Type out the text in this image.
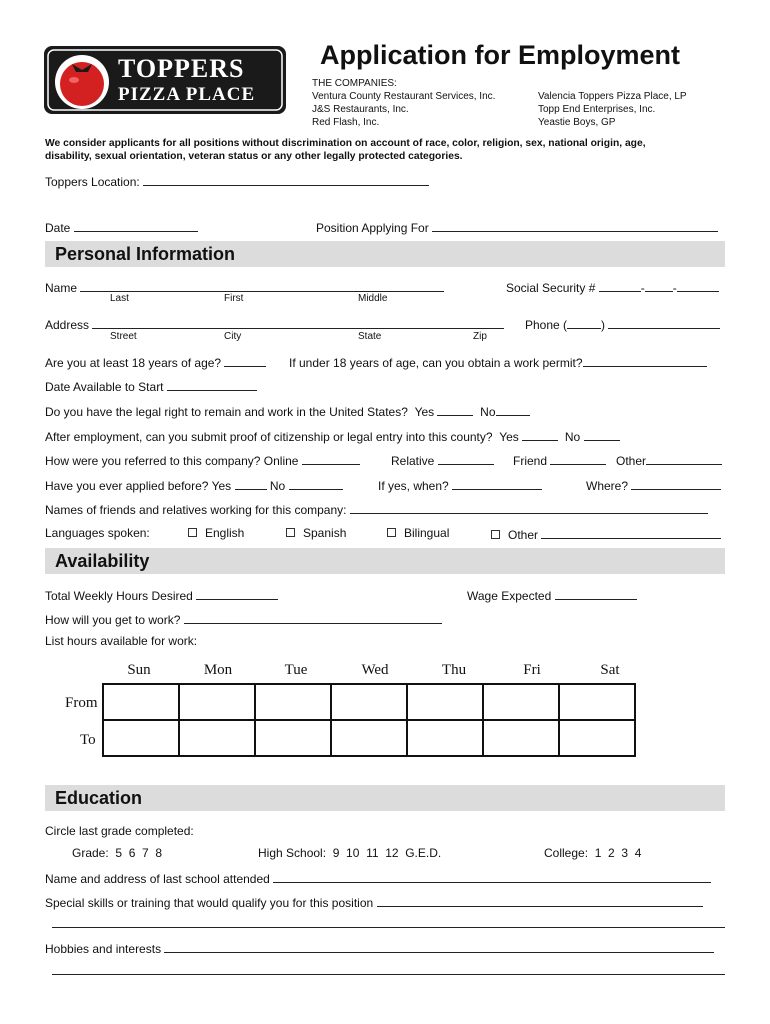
TOPPERS
PIZZA PLACE
Application for Employment
THE COMPANIES:
Ventura County Restaurant Services, Inc.
J&S Restaurants, Inc.
Red Flash, Inc.
Valencia Toppers Pizza Place, LP
Topp End Enterprises, Inc.
Yeastie Boys, GP
We consider applicants for all positions without discrimination on account of race, color, religion, sex, national origin, age,
disability, sexual orientation, veteran status or any other legally protected categories.
Toppers Location:
Date	Position Applying For
Personal Information
Name
Last	First	Middle
Social Security #	- -
Address
Street	City	State	Zip
Phone (	)
Are you at least 18 years of age?	If under 18 years of age, can you obtain a work permit?
Date Available to Start
Do you have the legal right to remain and work in the United States? Yes	No
After employment, can you submit proof of citizenship or legal entry into this county? Yes	No
How were you referred to this company? Online	Relative	Friend	Other
Have you ever applied before? Yes	No	If yes, when?	Where?
Names of friends and relatives working for this company:
Languages spoken:	English	Spanish	Bilingual	Other
Availability
Total Weekly Hours Desired	Wage Expected
How will you get to work?
List hours available for work:
Sun	Mon	Tue	Wed	Thu	Fri	Sat
From
To

Education
Circle last grade completed:
Grade:  5  6  7  8	High School:  9  10  11  12  G.E.D.	College:  1  2  3  4
Name and address of last school attended
Special skills or training that would qualify you for this position
Hobbies and interests
